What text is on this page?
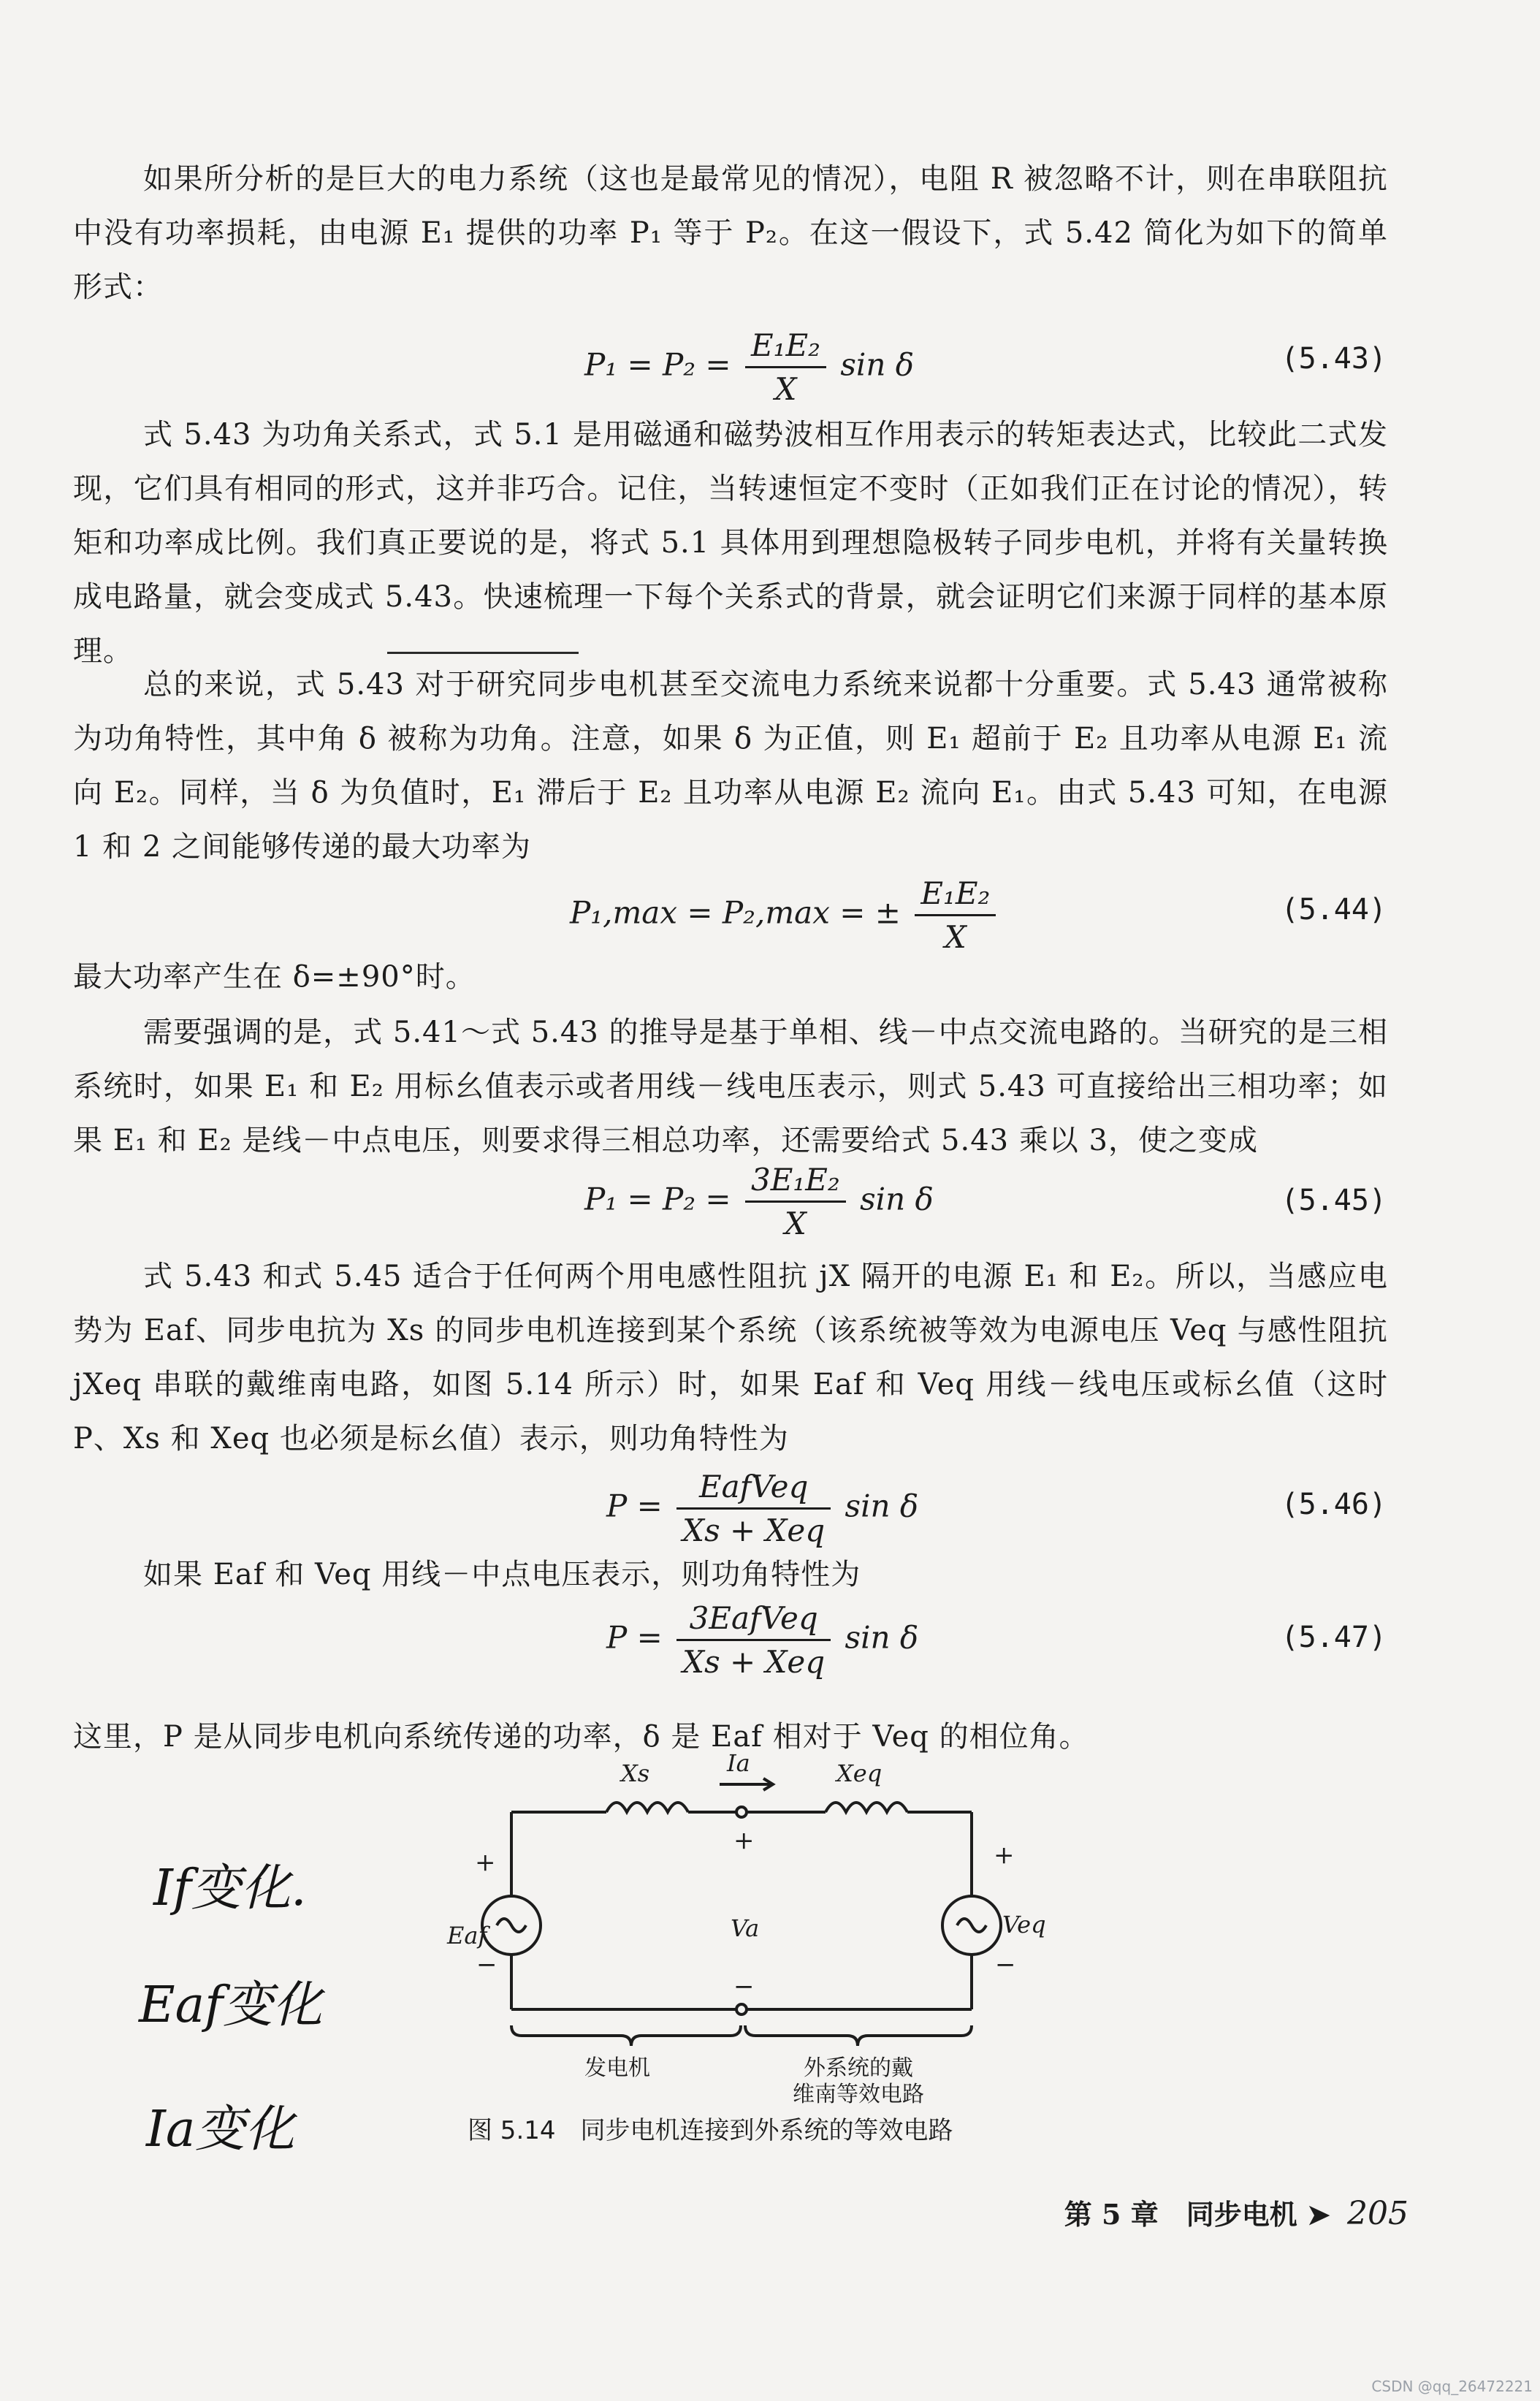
如果所分析的是巨大的电力系统（这也是最常见的情况），电阻 R 被忽略不计，则在串联阻抗中没有功率损耗，由电源 E₁ 提供的功率 P₁ 等于 P₂。在这一假设下，式 5.42 简化为如下的简单形式：
$P_1 = P_2 = \frac{\text{E₁E₂}}{X}$ sin δ	(5.43)
式 5.43 为功角关系式，式 5.1 是用磁通和磁势波相互作用表示的转矩表达式，比较此二式发现，它们具有相同的形式，这并非巧合。记住，当转速恒定不变时（正如我们正在讨论的情况），转矩和功率成比例。我们真正要说的是，将式 5.1 具体用到理想隐极转子同步电机，并将有关量转换成电路量，就会变成式 5.43。快速梳理一下每个关系式的背景，就会证明它们来源于同样的基本原理。
总的来说，式 5.43 对于研究同步电机甚至交流电力系统来说都十分重要。式 5.43 通常被称为功角特性，其中角 δ 被称为功角。注意，如果 δ 为正值，则 E₁ 超前于 E₂ 且功率从电源 E₁ 流向 E₂。同样，当 δ 为负值时，E₁ 滞后于 E₂ 且功率从电源 E₂ 流向 E₁。由式 5.43 可知，在电源 1 和 2 之间能够传递的最大功率为
P₁,max = P₂,max = ± $\frac{\text{E₁E₂}}{X}$	(5.44)
最大功率产生在 δ=±90°时。
需要强调的是，式 5.41～式 5.43 的推导是基于单相、线－中点交流电路的。当研究的是三相系统时，如果 E₁ 和 E₂ 用标幺值表示或者用线－线电压表示，则式 5.43 可直接给出三相功率；如果 E₁ 和 E₂ 是线－中点电压，则要求得三相总功率，还需要给式 5.43 乘以 3，使之变成
$P_1 = P_2 = \frac{\text{3E₁E₂}}{X}$ sin δ	(5.45)
式 5.43 和式 5.45 适合于任何两个用电感性阻抗 jX 隔开的电源 E₁ 和 E₂。所以，当感应电势为 Eaf、同步电抗为 Xs 的同步电机连接到某个系统（该系统被等效为电源电压 Veq 与感性阻抗 jXeq 串联的戴维南电路，如图 5.14 所示）时，如果 Eaf 和 Veq 用线－线电压或标幺值（这时 P、Xs 和 Xeq 也必须是标幺值）表示，则功角特性为
$P = \frac{\text{EafVeq}}{\text{Xs + Xeq}}$ sin δ	(5.46)
如果 Eaf 和 Veq 用线－中点电压表示，则功角特性为
$P = \frac{\text{3EafVeq}}{\text{Xs + Xeq}}$ sin δ	(5.47)
这里，P 是从同步电机向系统传递的功率，δ 是 Eaf 相对于 Veq 的相位角。
Xs	Ia	Xeq
Eaf	Va	Veq
+
−
+
−
+
−
发电机	外系统的戴
维南等效电路
图 5.14　同步电机连接到外系统的等效电路
If变化.
Eaf变化
Ia变化
第 5 章　同步电机 ➤ 205
CSDN @qq_26472221
